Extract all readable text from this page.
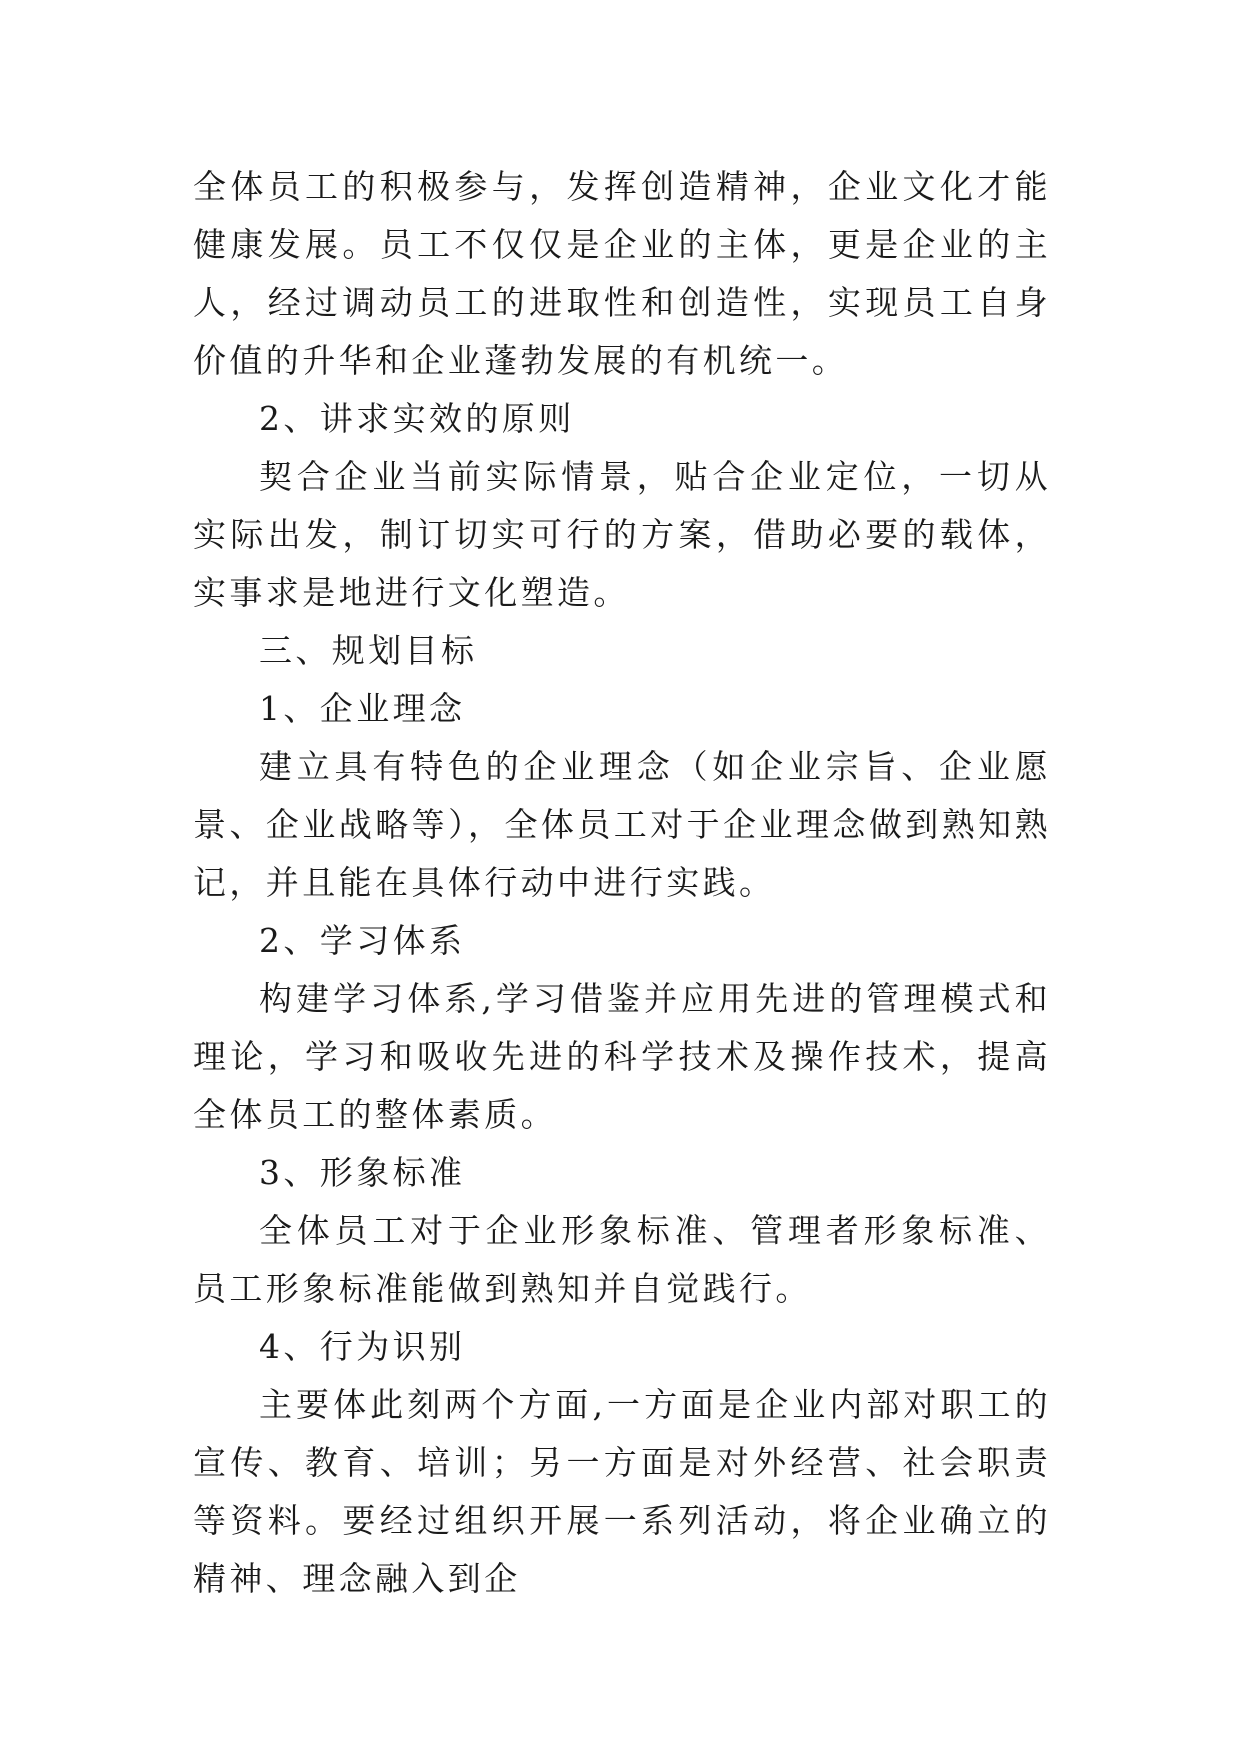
全体员工的积极参与，发挥创造精神，企业文化才能健康发展。员工不仅仅是企业的主体，更是企业的主人，经过调动员工的进取性和创造性，实现员工自身价值的升华和企业蓬勃发展的有机统一。

2、讲求实效的原则

契合企业当前实际情景，贴合企业定位，一切从实际出发，制订切实可行的方案，借助必要的载体，实事求是地进行文化塑造。

三、规划目标

1、企业理念

建立具有特色的企业理念（如企业宗旨、企业愿景、企业战略等），全体员工对于企业理念做到熟知熟记，并且能在具体行动中进行实践。

2、学习体系

构建学习体系,学习借鉴并应用先进的管理模式和理论，学习和吸收先进的科学技术及操作技术，提高全体员工的整体素质。

3、形象标准

全体员工对于企业形象标准、管理者形象标准、员工形象标准能做到熟知并自觉践行。

4、行为识别

主要体此刻两个方面,一方面是企业内部对职工的宣传、教育、培训；另一方面是对外经营、社会职责等资料。要经过组织开展一系列活动，将企业确立的精神、理念融入到企
